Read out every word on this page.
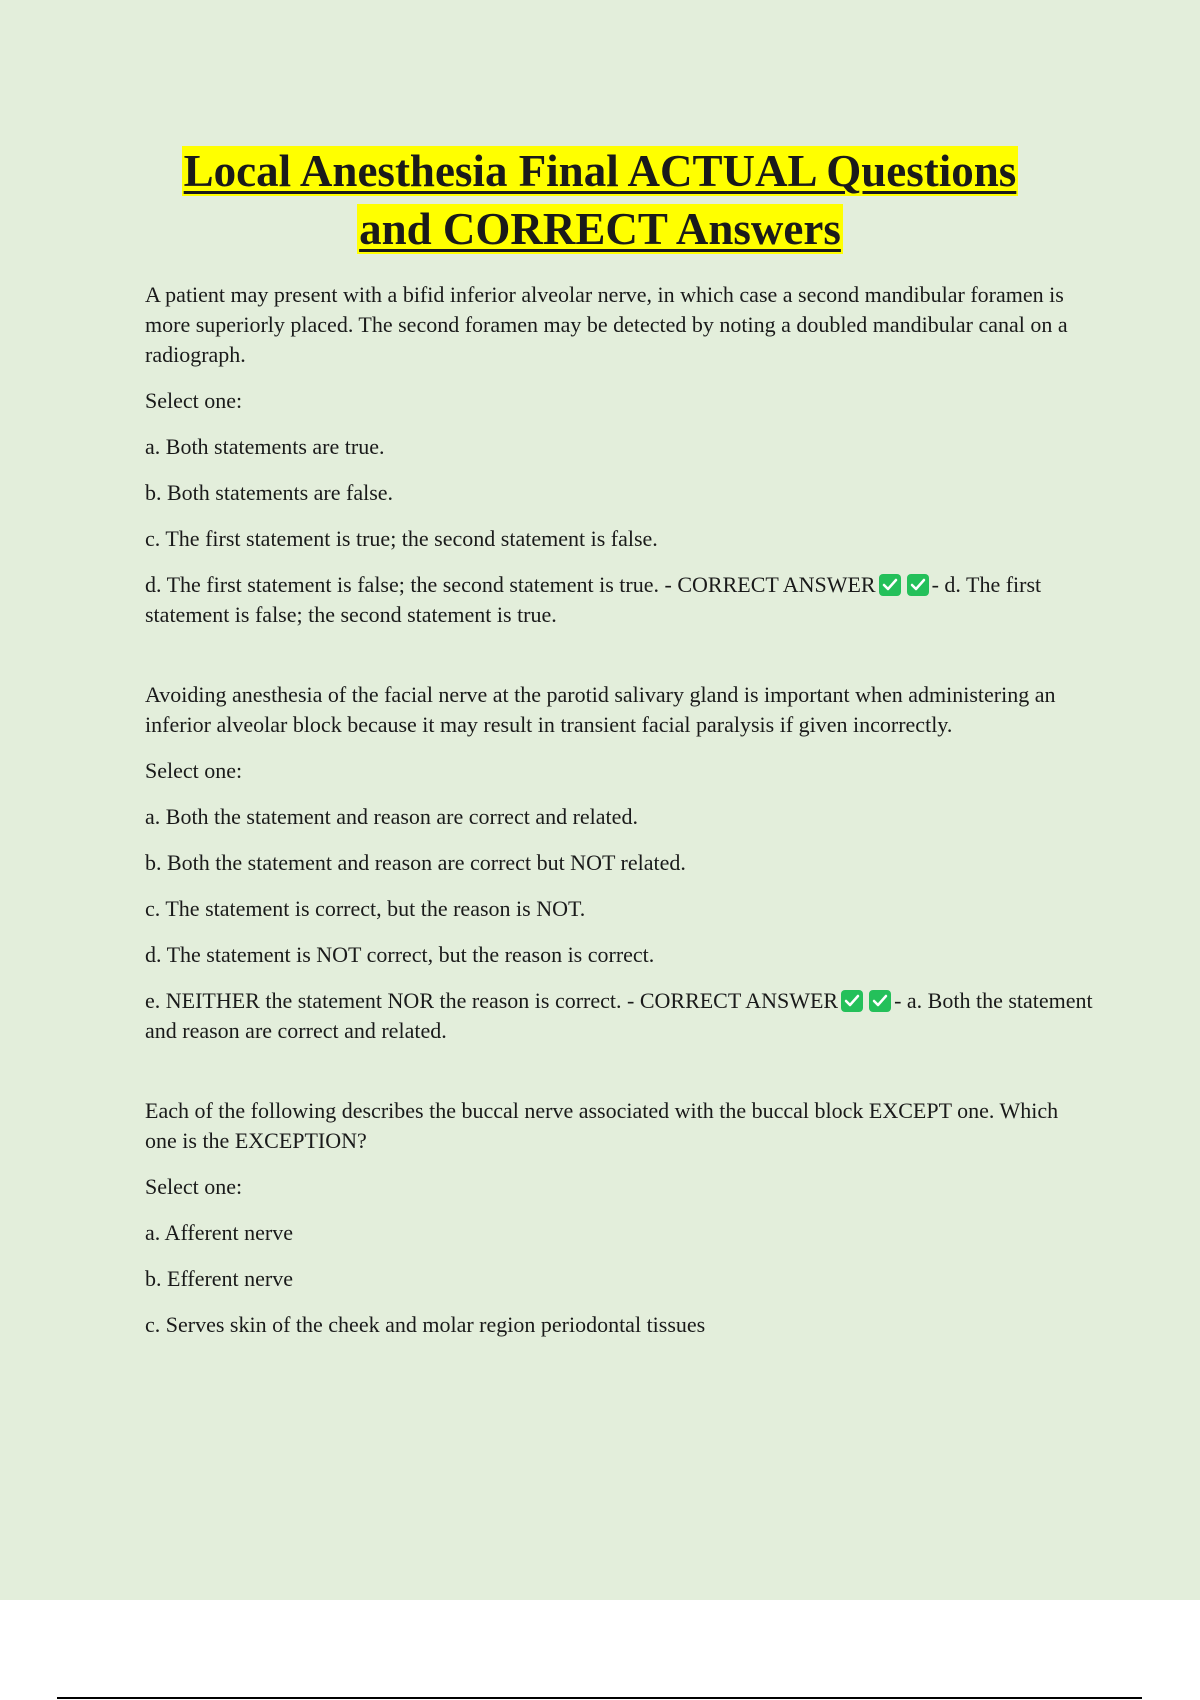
Local Anesthesia Final ACTUAL Questions
and CORRECT Answers

A patient may present with a bifid inferior alveolar nerve, in which case a second mandibular foramen is more superiorly placed. The second foramen may be detected by noting a doubled mandibular canal on a radiograph.

Select one:

a. Both statements are true.

b. Both statements are false.

c. The first statement is true; the second statement is false.

d. The first statement is false; the second statement is true. - CORRECT ANSWER	- d. The first statement is false; the second statement is true.

Avoiding anesthesia of the facial nerve at the parotid salivary gland is important when administering an inferior alveolar block because it may result in transient facial paralysis if given incorrectly.

Select one:

a. Both the statement and reason are correct and related.

b. Both the statement and reason are correct but NOT related.

c. The statement is correct, but the reason is NOT.

d. The statement is NOT correct, but the reason is correct.

e. NEITHER the statement NOR the reason is correct. - CORRECT ANSWER	- a. Both the statement and reason are correct and related.

Each of the following describes the buccal nerve associated with the buccal block EXCEPT one. Which one is the EXCEPTION?

Select one:

a. Afferent nerve

b. Efferent nerve

c. Serves skin of the cheek and molar region periodontal tissues
